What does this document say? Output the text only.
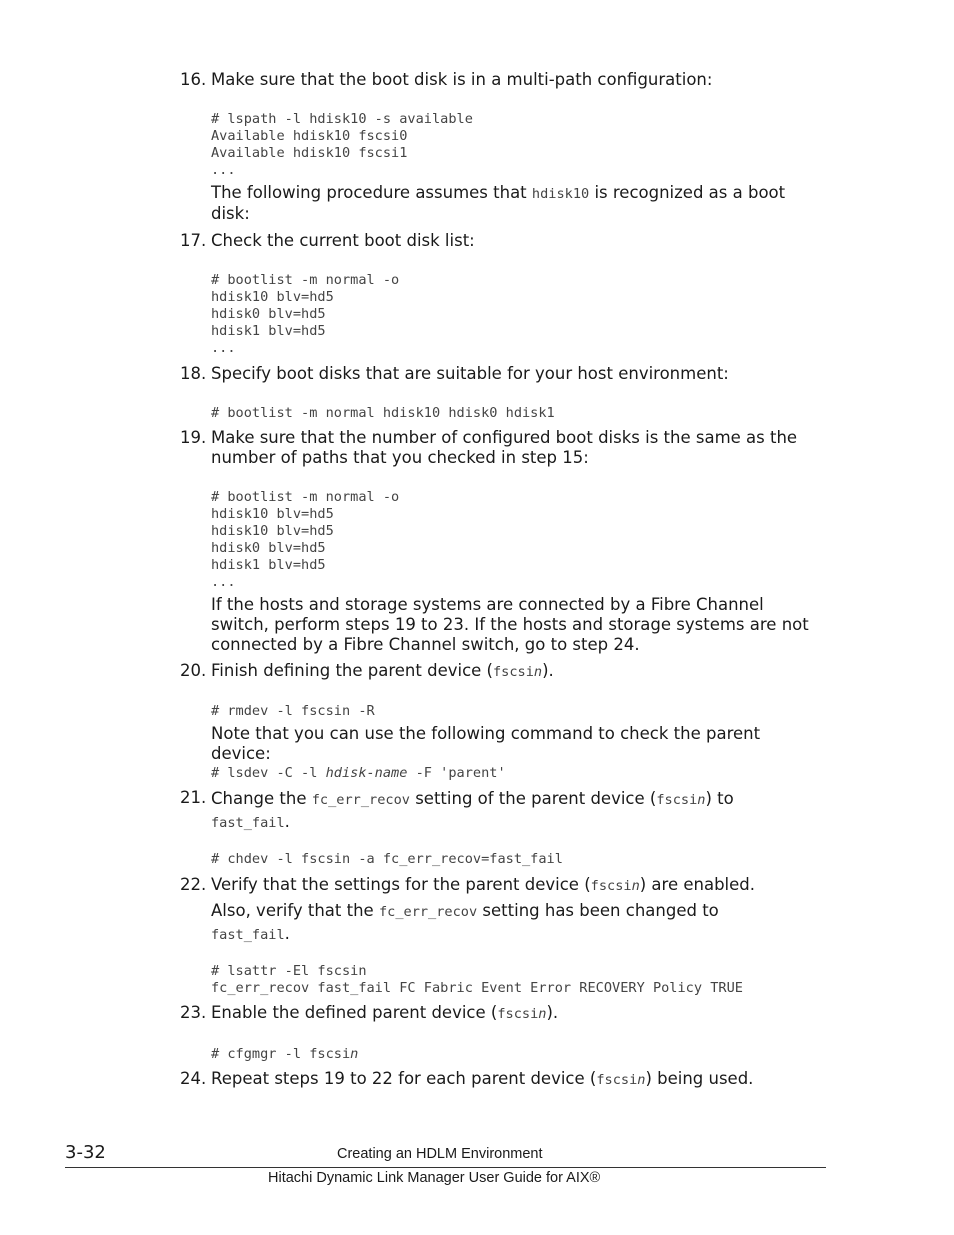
16. Make sure that the boot disk is in a multi-path configuration:
# lspath -l hdisk10 -s available
Available hdisk10 fscsi0
Available hdisk10 fscsi1
...
The following procedure assumes that hdisk10 is recognized as a boot disk:
17. Check the current boot disk list:
# bootlist -m normal -o
hdisk10 blv=hd5
hdisk0 blv=hd5
hdisk1 blv=hd5
...
18. Specify boot disks that are suitable for your host environment:
# bootlist -m normal hdisk10 hdisk0 hdisk1
19. Make sure that the number of configured boot disks is the same as the number of paths that you checked in step 15:
# bootlist -m normal -o
hdisk10 blv=hd5
hdisk10 blv=hd5
hdisk0 blv=hd5
hdisk1 blv=hd5
...
If the hosts and storage systems are connected by a Fibre Channel switch, perform steps 19 to 23. If the hosts and storage systems are not connected by a Fibre Channel switch, go to step 24.
20. Finish defining the parent device (fscsin).
# rmdev -l fscsin -R
Note that you can use the following command to check the parent device:
# lsdev -C -l hdisk-name -F 'parent'
21. Change the fc_err_recov setting of the parent device (fscsin) to
fast_fail.
# chdev -l fscsin -a fc_err_recov=fast_fail
22. Verify that the settings for the parent device (fscsin) are enabled.
Also, verify that the fc_err_recov setting has been changed to
fast_fail.
# lsattr -El fscsin
fc_err_recov fast_fail FC Fabric Event Error RECOVERY Policy TRUE
23. Enable the defined parent device (fscsin).
# cfgmgr -l fscsin
24. Repeat steps 19 to 22 for each parent device (fscsin) being used.
3-32	Creating an HDLM Environment
Hitachi Dynamic Link Manager User Guide for AIX®
